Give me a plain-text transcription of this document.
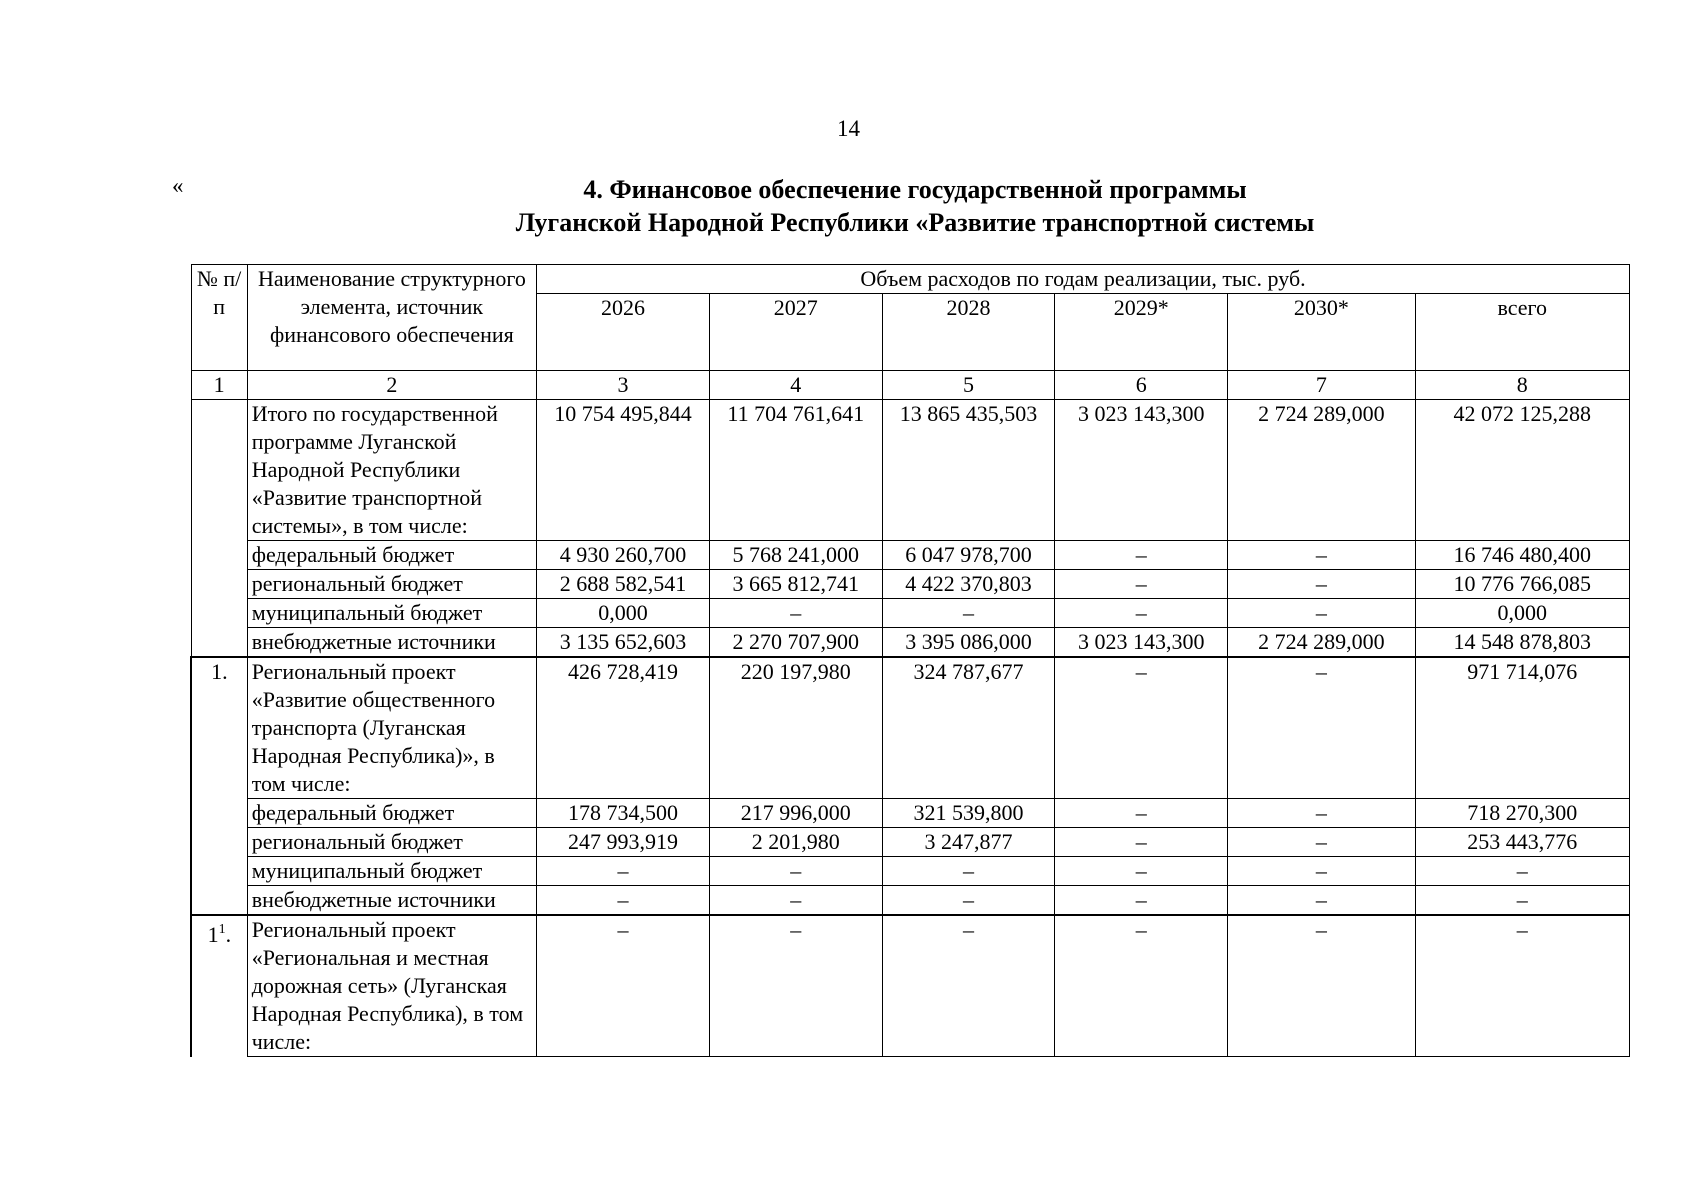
14
«	4. Финансовое обеспечение государственной программы
Луганской Народной Республики «Развитие транспортной системы
№ п/п	Наименование структурного элемента, источник финансового обеспечения	Объем расходов по годам реализации, тыс. руб.					
		2026	2027	2028	2029*	2030*	всего
1	2	3	4	5	6	7	8
	Итого по государственной программе Луганской Народной Республики «Развитие транспортной системы», в том числе:	10 754 495,844	11 704 761,641	13 865 435,503	3 023 143,300	2 724 289,000	42 072 125,288
	федеральный бюджет	4 930 260,700	5 768 241,000	6 047 978,700	–	–	16 746 480,400
	региональный бюджет	2 688 582,541	3 665 812,741	4 422 370,803	–	–	10 776 766,085
	муниципальный бюджет	0,000	–	–	–	–	0,000
	внебюджетные источники	3 135 652,603	2 270 707,900	3 395 086,000	3 023 143,300	2 724 289,000	14 548 878,803
1.	Региональный проект «Развитие общественного транспорта (Луганская Народная Республика)», в том числе:	426 728,419	220 197,980	324 787,677	–	–	971 714,076
	федеральный бюджет	178 734,500	217 996,000	321 539,800	–	–	718 270,300
	региональный бюджет	247 993,919	2 201,980	3 247,877	–	–	253 443,776
	муниципальный бюджет	–	–	–	–	–	–
	внебюджетные источники	–	–	–	–	–	–
$1^1$.	Региональный проект «Региональная и местная дорожная сеть» (Луганская Народная Республика), в том числе:	–	–	–	–	–	–
